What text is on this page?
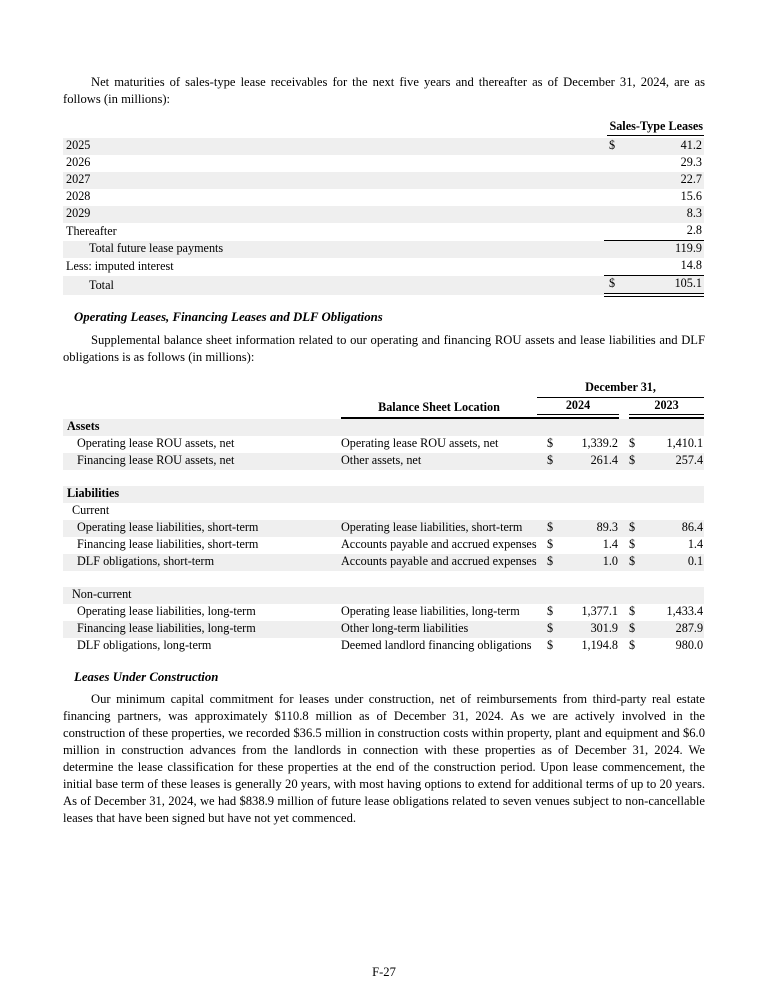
Net maturities of sales-type lease receivables for the next five years and thereafter as of December 31, 2024, are as follows (in millions):

	Sales-Type Leases	
2025	$	41.2
2026		29.3
2027		22.7
2028		15.6
2029		8.3
Thereafter		2.8
Total future lease payments		119.9
Less: imputed interest		14.8
Total	$	105.1
Operating Leases, Financing Leases and DLF Obligations

Supplemental balance sheet information related to our operating and financing ROU assets and lease liabilities and DLF obligations is as follows (in millions):

		December 31,				
	Balance Sheet Location	2024			2023	

Assets						
Operating lease ROU assets, net	Operating lease ROU assets, net	$	1,339.2		$	1,410.1
Financing lease ROU assets, net	Other assets, net	$	261.4		$	257.4

Liabilities						
Current						
Operating lease liabilities, short-term	Operating lease liabilities, short-term	$	89.3		$	86.4
Financing lease liabilities, short-term	Accounts payable and accrued expenses	$	1.4		$	1.4
DLF obligations, short-term	Accounts payable and accrued expenses	$	1.0		$	0.1

Non-current						
Operating lease liabilities, long-term	Operating lease liabilities, long-term	$	1,377.1		$	1,433.4
Financing lease liabilities, long-term	Other long-term liabilities	$	301.9		$	287.9
DLF obligations, long-term	Deemed landlord financing obligations	$	1,194.8		$	980.0
Leases Under Construction

Our minimum capital commitment for leases under construction, net of reimbursements from third-party real estate financing partners, was approximately $110.8 million as of December 31, 2024. As we are actively involved in the construction of these properties, we recorded $36.5 million in construction costs within property, plant and equipment and $6.0 million in construction advances from the landlords in connection with these properties as of December 31, 2024. We determine the lease classification for these properties at the end of the construction period. Upon lease commencement, the initial base term of these leases is generally 20 years, with most having options to extend for additional terms of up to 20 years. As of December 31, 2024, we had $838.9 million of future lease obligations related to seven venues subject to non-cancellable leases that have been signed but have not yet commenced.

F-27
